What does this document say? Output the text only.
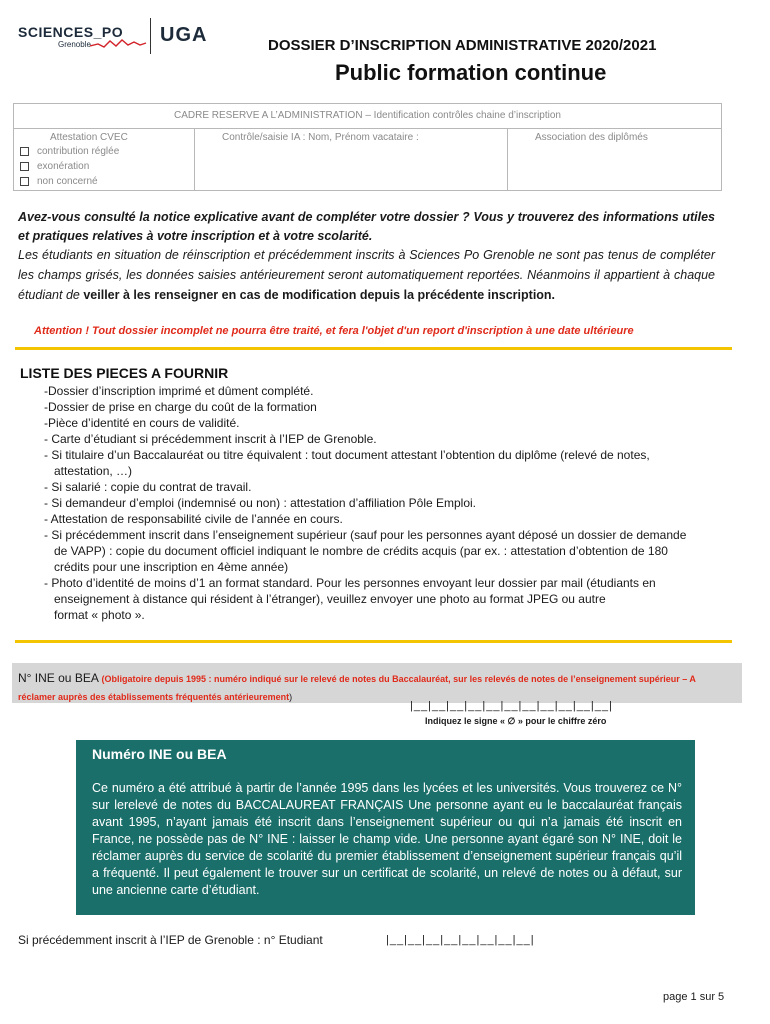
SCIENCES_PO
Grenoble	UGA	DOSSIER D’INSCRIPTION ADMINISTRATIVE 2020/2021
Public formation continue
CADRE RESERVE A L’ADMINISTRATION – Identification contrôles chaine d’inscription
Attestation CVEC	Contrôle/saisie IA : Nom, Prénom vacataire :	Association des diplômés
contribution réglée
exonération
non concerné
Avez-vous consulté la notice explicative avant de compléter votre dossier ? Vous y trouverez des informations utiles et pratiques relatives à votre inscription et à votre scolarité.
Les étudiants en situation de réinscription et précédemment inscrits à Sciences Po Grenoble ne sont pas tenus de compléter les champs grisés, les données saisies antérieurement seront automatiquement reportées. Néanmoins il appartient à chaque étudiant de veiller à les renseigner en cas de modification depuis la précédente inscription.
Attention ! Tout dossier incomplet ne pourra être traité, et fera l'objet d'un report d'inscription à une date ultérieure
LISTE DES PIECES A FOURNIR
-Dossier d’inscription imprimé et dûment complété.
-Dossier de prise en charge du coût de la formation
-Pièce d’identité en cours de validité.
- Carte d’étudiant si précédemment inscrit à l’IEP de Grenoble.
- Si titulaire d’un Baccalauréat ou titre équivalent : tout document attestant l’obtention du diplôme (relevé de notes,
attestation, …)
- Si salarié : copie du contrat de travail.
- Si demandeur d’emploi (indemnisé ou non) : attestation d’affiliation Pôle Emploi.
- Attestation de responsabilité civile de l’année en cours.
- Si précédemment inscrit dans l’enseignement supérieur (sauf pour les personnes ayant déposé un dossier de demande
de VAPP) : copie du document officiel indiquant le nombre de crédits acquis (par ex. : attestation d’obtention de 180
crédits pour une inscription en 4ème année)
- Photo d’identité de moins d’1 an format standard. Pour les personnes envoyant leur dossier par mail (étudiants en
enseignement à distance qui résident à l’étranger), veuillez envoyer une photo au format JPEG ou autre
format « photo ».
N° INE ou BEA (Obligatoire depuis 1995 : numéro indiqué sur le relevé de notes du Baccalauréat, sur les relevés de notes de l’enseignement supérieur – A réclamer auprès des établissements fréquentés antérieurement)
|__|__|__|__|__|__|__|__|__|__|__|
Indiquez le signe « ∅ » pour le chiffre zéro
Numéro INE ou BEA
Ce numéro a été attribué à partir de l’année 1995 dans les lycées et les universités. Vous trouverez ce N° sur lerelevé de notes du BACCALAUREAT FRANÇAIS Une personne ayant eu le baccalauréat français avant 1995, n’ayant jamais été inscrit dans l’enseignement supérieur ou qui n’a jamais été inscrit en France, ne possède pas de N° INE : laisser le champ vide. Une personne ayant égaré son N° INE, doit le réclamer auprès du service de scolarité du premier établissement d’enseignement supérieur français qu’il a fréquenté. Il peut également le trouver sur un certificat de scolarité, un relevé de notes ou à défaut, sur une ancienne carte d’étudiant.
Si précédemment inscrit à l’IEP de Grenoble : n° Etudiant	|__|__|__|__|__|__|__|__|
page 1 sur 5
